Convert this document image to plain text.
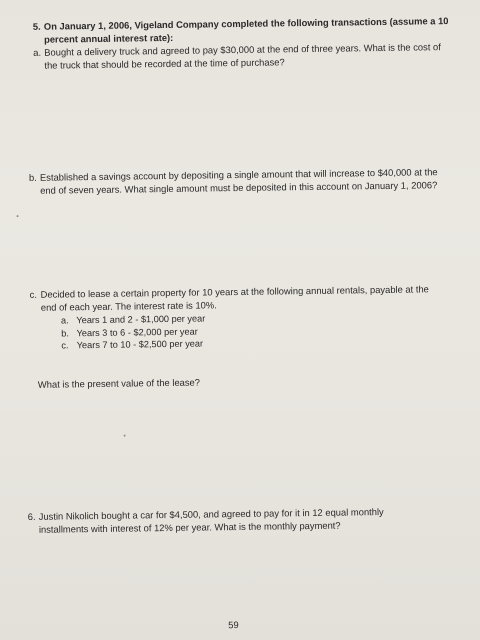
5. On January 1, 2006, Vigeland Company completed the following transactions (assume a 10
percent annual interest rate):
a. Bought a delivery truck and agreed to pay $30,000 at the end of three years. What is the cost of
the truck that should be recorded at the time of purchase?
b. Established a savings account by depositing a single amount that will increase to $40,000 at the
end of seven years. What single amount must be deposited in this account on January 1, 2006?
c. Decided to lease a certain property for 10 years at the following annual rentals, payable at the
end of each year. The interest rate is 10%.
a. Years 1 and 2 - $1,000 per year
b. Years 3 to 6 - $2,000 per year
c. Years 7 to 10 - $2,500 per year
What is the present value of the lease?
6. Justin Nikolich bought a car for $4,500, and agreed to pay for it in 12 equal monthly
installments with interest of 12% per year. What is the monthly payment?
59
